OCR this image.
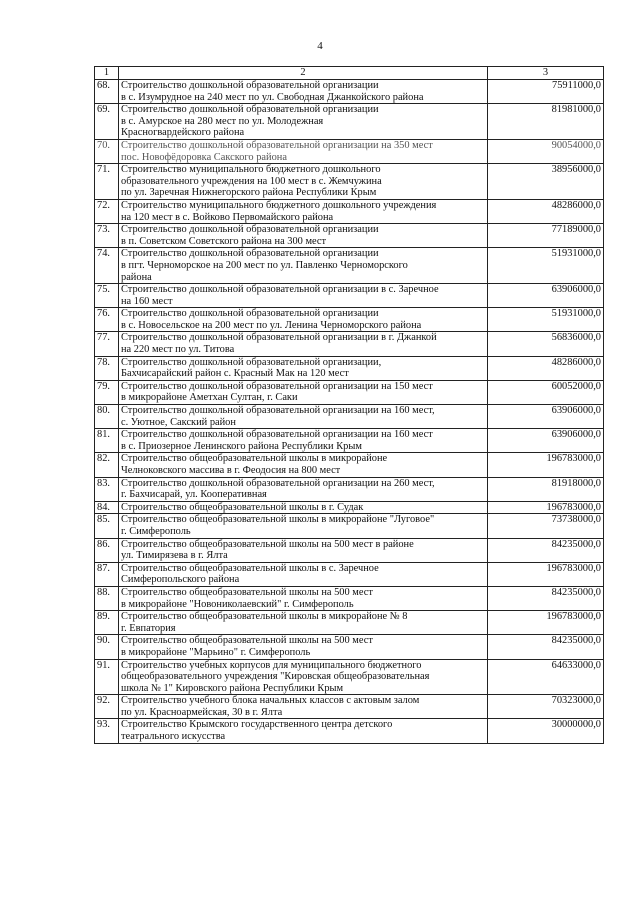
4
1	2	3
68.	Строительство дошкольной образовательной организации
в с. Изумрудное на 240 мест по ул. Свободная Джанкойского района	75911000,0
69.	Строительство дошкольной образовательной организации
в с. Амурское на 280 мест по ул. Молодежная
Красногвардейского района	81981000,0
70.	Строительство дошкольной образовательной организации на 350 мест
пос. Новофёдоровка Сакского района	90054000,0
71.	Строительство муниципального бюджетного дошкольного
образовательного учреждения на 100 мест в с. Жемчужина
по ул. Заречная Нижнегорского района Республики Крым	38956000,0
72.	Строительство муниципального бюджетного дошкольного учреждения
на 120 мест в с. Войково Первомайского района	48286000,0
73.	Строительство дошкольной образовательной организации
в п. Советском Советского района на 300 мест	77189000,0
74.	Строительство дошкольной образовательной организации
в пгт. Черноморское на 200 мест по ул. Павленко Черноморского
района	51931000,0
75.	Строительство дошкольной образовательной организации в с. Заречное
на 160 мест	63906000,0
76.	Строительство дошкольной образовательной организации
в с. Новосельское на 200 мест по ул. Ленина Черноморского района	51931000,0
77.	Строительство дошкольной образовательной организации в г. Джанкой
на 220 мест по ул. Титова	56836000,0
78.	Строительство дошкольной образовательной организации,
Бахчисарайский район с. Красный Мак на 120 мест	48286000,0
79.	Строительство дошкольной образовательной организации на 150 мест
в микрорайоне Аметхан Султан, г. Саки	60052000,0
80.	Строительство дошкольной образовательной организации на 160 мест,
с. Уютное, Сакский район	63906000,0
81.	Строительство дошкольной образовательной организации на 160 мест
в с. Приозерное Ленинского района Республики Крым	63906000,0
82.	Строительство общеобразовательной школы в микрорайоне
Челноковского массива в г. Феодосия на 800 мест	196783000,0
83.	Строительство дошкольной образовательной организации на 260 мест,
г. Бахчисарай, ул. Кооперативная	81918000,0
84.	Строительство общеобразовательной школы в г. Судак	196783000,0
85.	Строительство общеобразовательной школы в микрорайоне "Луговое"
г. Симферополь	73738000,0
86.	Строительство общеобразовательной школы на 500 мест в районе
ул. Тимирязева в г. Ялта	84235000,0
87.	Строительство общеобразовательной школы в с. Заречное
Симферопольского района	196783000,0
88.	Строительство общеобразовательной школы на 500 мест
в микрорайоне "Новониколаевский" г. Симферополь	84235000,0
89.	Строительство общеобразовательной школы в микрорайоне № 8
г. Евпатория	196783000,0
90.	Строительство общеобразовательной школы на 500 мест
в микрорайоне "Марьино" г. Симферополь	84235000,0
91.	Строительство учебных корпусов для муниципального бюджетного
общеобразовательного учреждения "Кировская общеобразовательная
школа № 1" Кировского района Республики Крым	64633000,0
92.	Строительство учебного блока начальных классов с актовым залом
по ул. Красноармейская, 30 в г. Ялта	70323000,0
93.	Строительство Крымского государственного центра детского
театрального искусства	30000000,0
